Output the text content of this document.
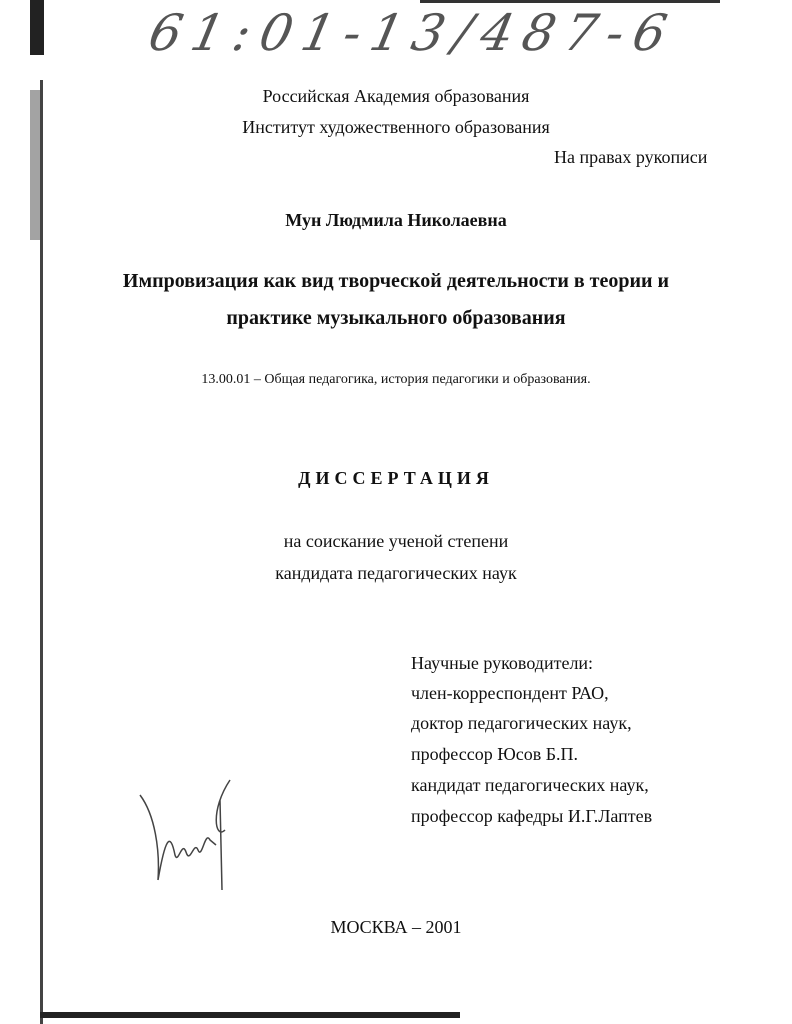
61:01-13/487-6
Российская Академия образования
Институт художественного образования
На правах рукописи
Мун Людмила Николаевна
Импровизация как вид творческой деятельности в теории и
практике музыкального образования
13.00.01 – Общая педагогика, история педагогики и образования.
ДИССЕРТАЦИЯ
на соискание ученой степени
кандидата педагогических наук
Научные руководители:
член-корреспондент РАО,
доктор педагогических наук,
профессор Юсов Б.П.
кандидат педагогических наук,
профессор кафедры И.Г.Лаптев
МОСКВА – 2001
